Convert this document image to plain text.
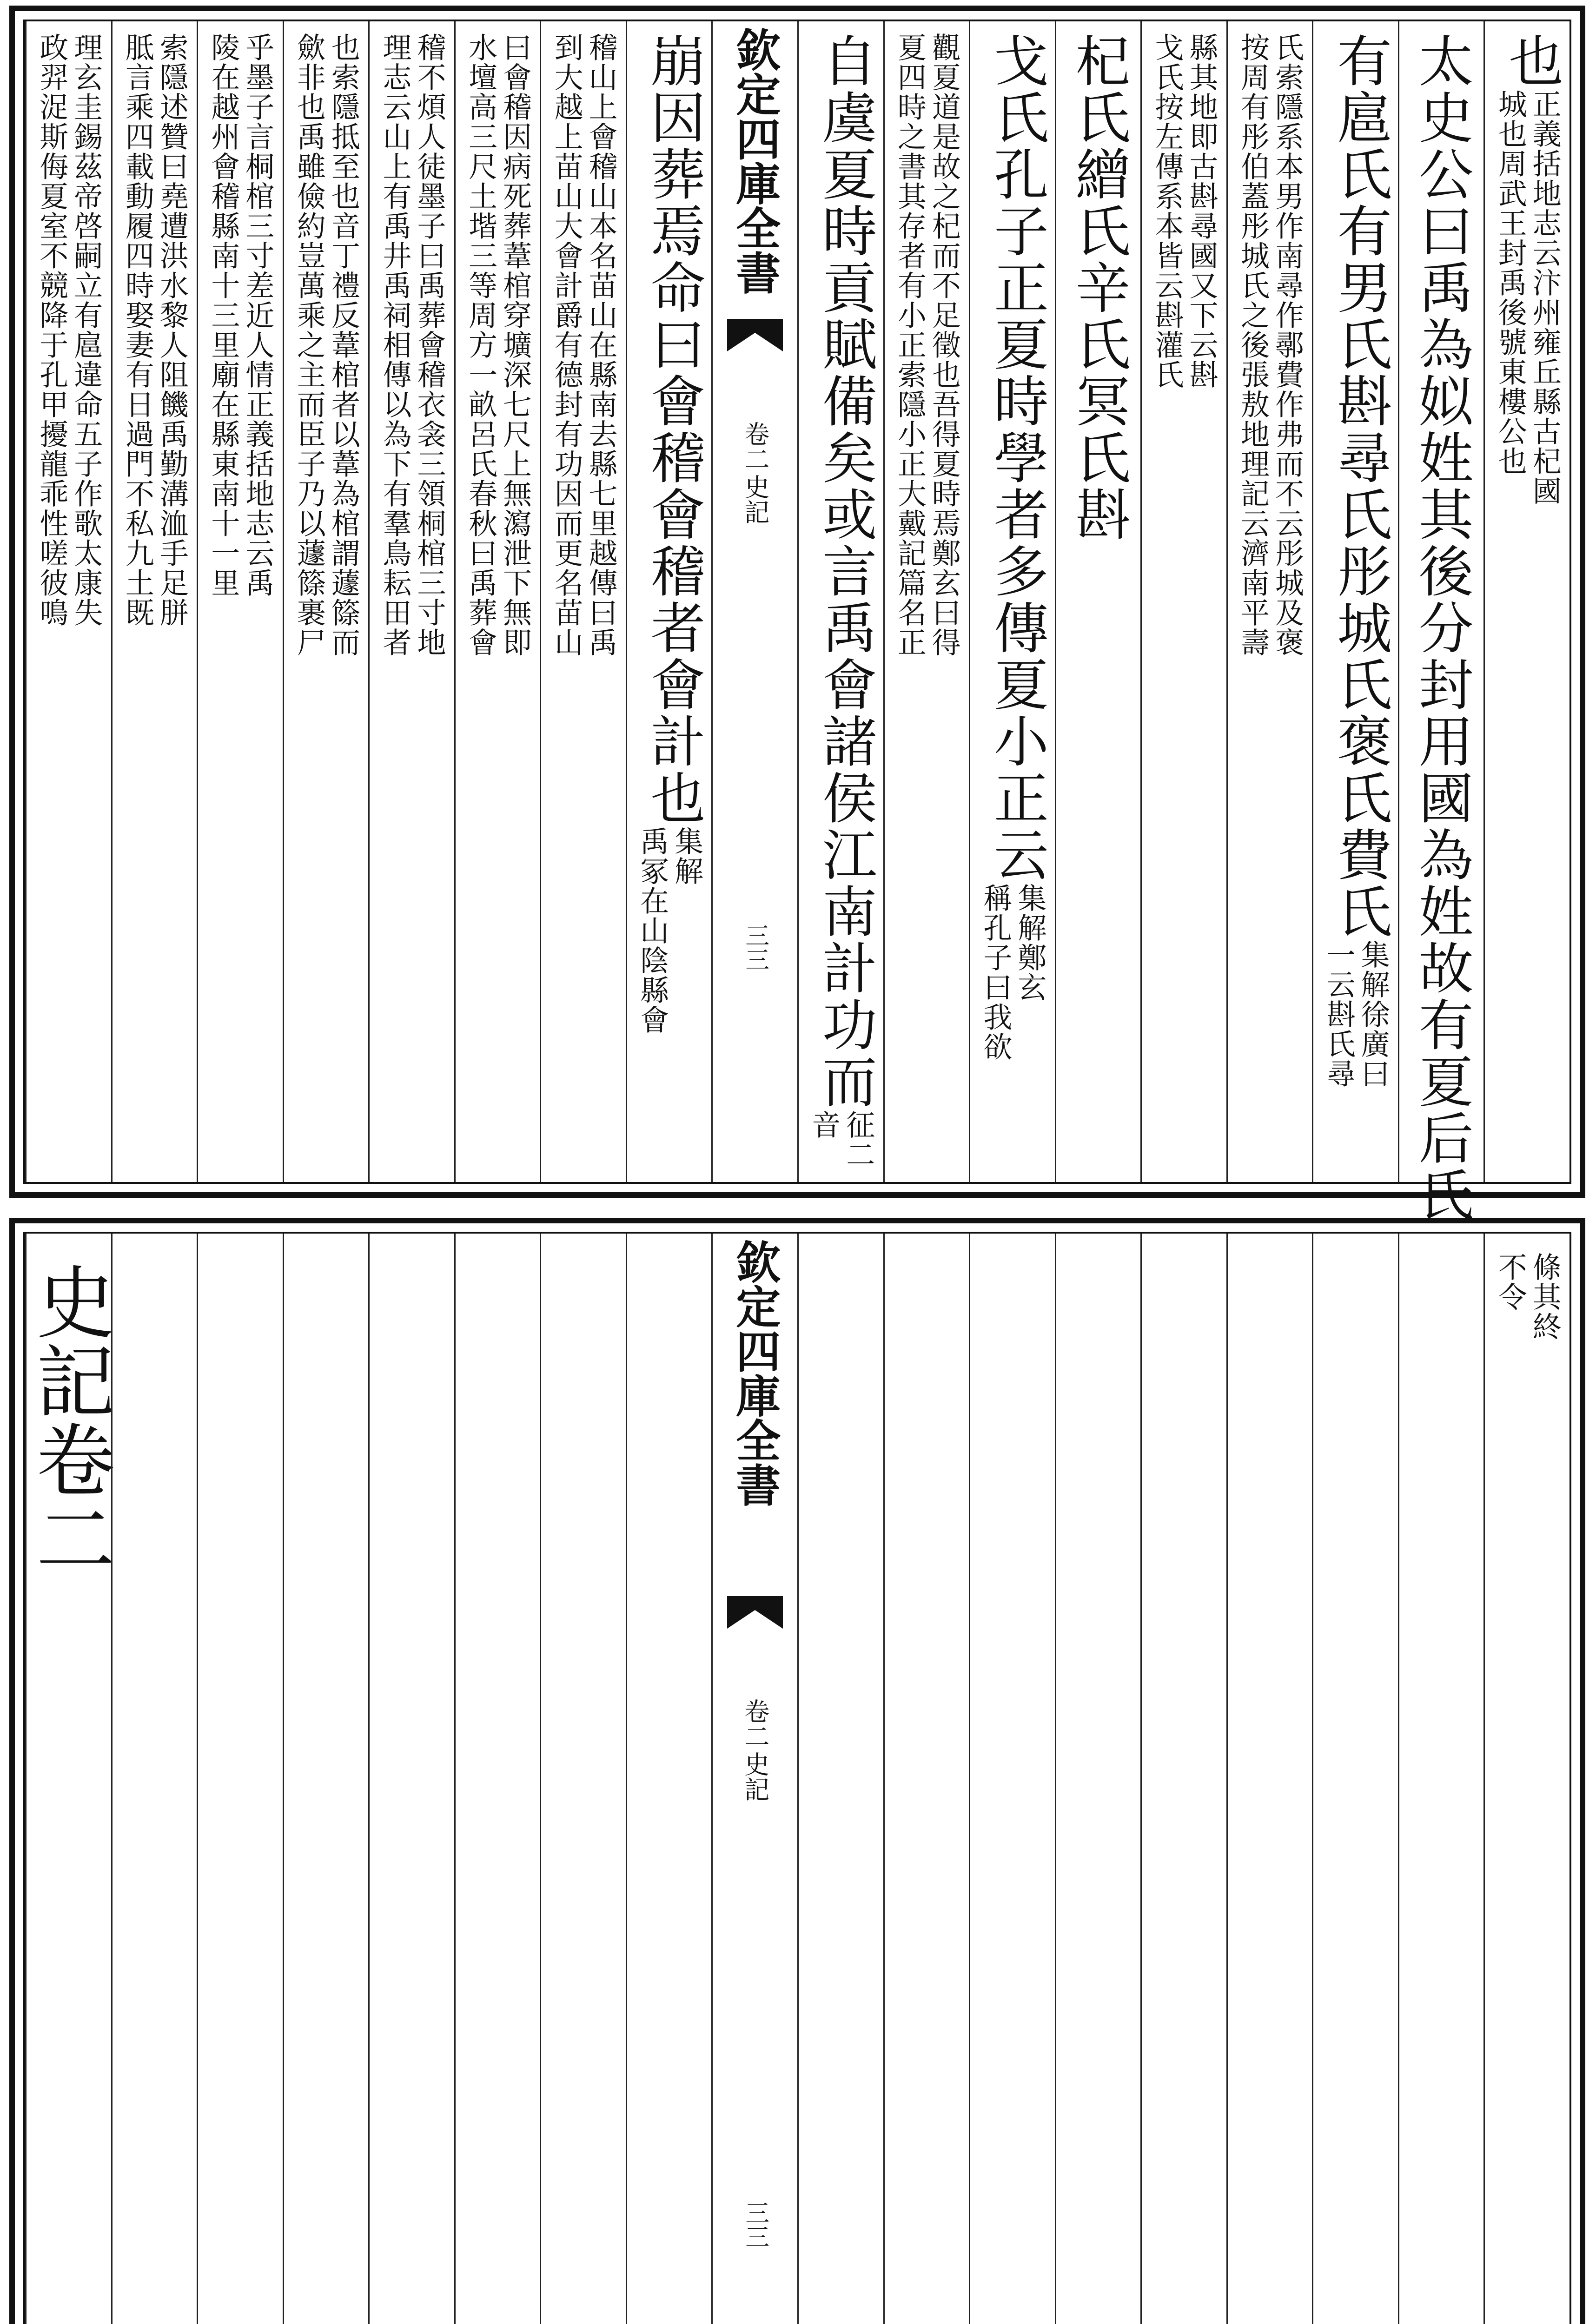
也
正義括地志云汴州雍丘縣古杞國
城也周武王封禹後號東樓公也
太史公曰禹為姒姓其後分封用國為姓故有夏后氏
有扈氏有男氏斟尋氏彤城氏褒氏費氏
集解徐廣曰
一云斟氏尋
氏索隱系本男作南尋作鄩費作弗而不云彤城及褒
按周有彤伯蓋彤城氏之後張敖地理記云濟南平壽
縣其地即古斟尋國又下云斟
戈氏按左傳系本皆云斟灌氏
杞氏繒氏辛氏冥氏斟
戈氏孔子正夏時學者多傳夏小正云
集解鄭玄
稱孔子曰我欲
觀夏道是故之杞而不足徵也吾得夏時焉鄭玄曰得
夏四時之書其存者有小正索隱小正大戴記篇名正
自虞夏時貢賦備矣或言禹會諸侯江南計功而
征二
音
欽定四庫全書
史記
卷二
三三
崩因葬焉命曰會稽會稽者會計也
集解
禹冢在山陰縣會
稽山上會稽山本名苗山在縣南去縣七里越傳曰禹
到大越上苗山大會計爵有德封有功因而更名苗山
曰會稽因病死葬葦棺穿壙深七尺上無瀉泄下無即
水壇高三尺土堦三等周方一畝呂氏春秋曰禹葬會
稽不煩人徒墨子曰禹葬會稽衣衾三領桐棺三寸地
理志云山上有禹井禹祠相傳以為下有羣鳥耘田者
也索隱抵至也音丁禮反葦棺者以葦為棺謂蘧篨而
歛非也禹雖儉約豈萬乘之主而臣子乃以蘧篨裹尸
乎墨子言桐棺三寸差近人情正義括地志云禹
陵在越州會稽縣南十三里廟在縣東南十一里
索隱述贊曰堯遭洪水黎人阻饑禹勤溝洫手足胼
胝言乘四載動履四時娶妻有日過門不私九土既
理玄圭錫茲帝啓嗣立有扈違命五子作歌太康失
政羿浞斯侮夏室不競降于孔甲擾龍乖性嗟彼鳴
史記卷二	欽定四庫全書
史記
卷二
三三
條其終
不令
